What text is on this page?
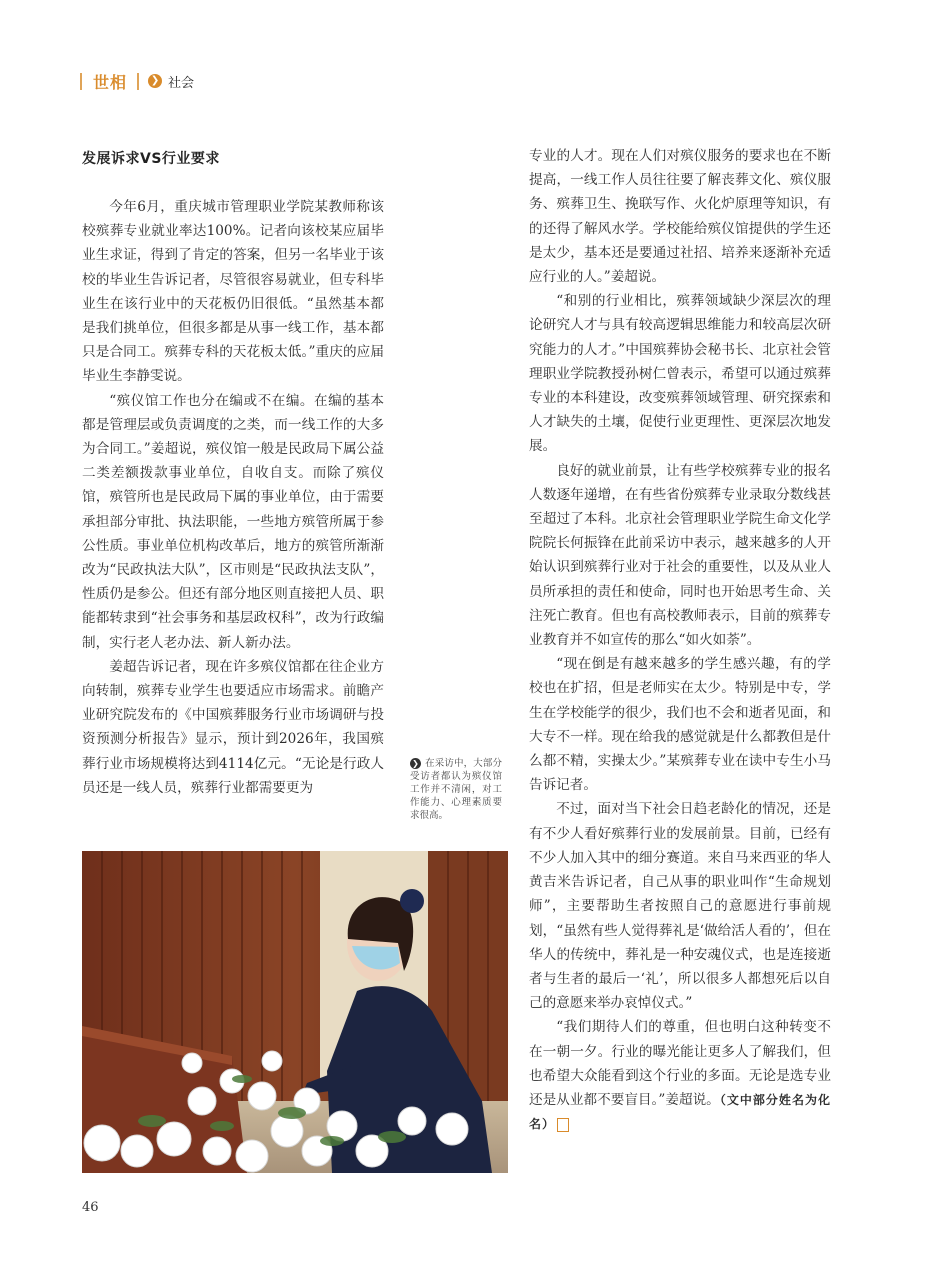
世相 ❯ 社会
发展诉求VS行业要求

今年6月，重庆城市管理职业学院某教师称该校殡葬专业就业率达100%。记者向该校某应届毕业生求证，得到了肯定的答案，但另一名毕业于该校的毕业生告诉记者，尽管很容易就业，但专科毕业生在该行业中的天花板仍旧很低。“虽然基本都是我们挑单位，但很多都是从事一线工作，基本都只是合同工。殡葬专科的天花板太低。”重庆的应届毕业生李静雯说。

“殡仪馆工作也分在编或不在编。在编的基本都是管理层或负责调度的之类，而一线工作的大多为合同工。”姜超说，殡仪馆一般是民政局下属公益二类差额拨款事业单位，自收自支。而除了殡仪馆，殡管所也是民政局下属的事业单位，由于需要承担部分审批、执法职能，一些地方殡管所属于参公性质。事业单位机构改革后，地方的殡管所渐渐改为“民政执法大队”，区市则是“民政执法支队”，性质仍是参公。但还有部分地区则直接把人员、职能都转隶到“社会事务和基层政权科”，改为行政编制，实行老人老办法、新人新办法。

姜超告诉记者，现在许多殡仪馆都在往企业方向转制，殡葬专业学生也要适应市场需求。前瞻产业研究院发布的《中国殡葬服务行业市场调研与投资预测分析报告》显示，预计到2026年，我国殡葬行业市场规模将达到4114亿元。“无论是行政人员还是一线人员，殡葬行业都需要更为

❯ 在采访中，大部分受访者都认为殡仪馆工作并不清闲，对工作能力、心理素质要求很高。

专业的人才。现在人们对殡仪服务的要求也在不断提高，一线工作人员往往要了解丧葬文化、殡仪服务、殡葬卫生、挽联写作、火化炉原理等知识，有的还得了解风水学。学校能给殡仪馆提供的学生还是太少，基本还是要通过社招、培养来逐渐补充适应行业的人。”姜超说。

“和别的行业相比，殡葬领域缺少深层次的理论研究人才与具有较高逻辑思维能力和较高层次研究能力的人才。”中国殡葬协会秘书长、北京社会管理职业学院教授孙树仁曾表示，希望可以通过殡葬专业的本科建设，改变殡葬领域管理、研究探索和人才缺失的土壤，促使行业更理性、更深层次地发展。

良好的就业前景，让有些学校殡葬专业的报名人数逐年递增，在有些省份殡葬专业录取分数线甚至超过了本科。北京社会管理职业学院生命文化学院院长何振锋在此前采访中表示，越来越多的人开始认识到殡葬行业对于社会的重要性，以及从业人员所承担的责任和使命，同时也开始思考生命、关注死亡教育。但也有高校教师表示，目前的殡葬专业教育并不如宣传的那么“如火如荼”。

“现在倒是有越来越多的学生感兴趣，有的学校也在扩招，但是老师实在太少。特别是中专，学生在学校能学的很少，我们也不会和逝者见面，和大专不一样。现在给我的感觉就是什么都教但是什么都不精，实操太少。”某殡葬专业在读中专生小马告诉记者。

不过，面对当下社会日趋老龄化的情况，还是有不少人看好殡葬行业的发展前景。目前，已经有不少人加入其中的细分赛道。来自马来西亚的华人黄吉米告诉记者，自己从事的职业叫作“生命规划师”，主要帮助生者按照自己的意愿进行事前规划，“虽然有些人觉得葬礼是‘做给活人看的’，但在华人的传统中，葬礼是一种安魂仪式，也是连接逝者与生者的最后一‘礼’，所以很多人都想死后以自己的意愿来举办哀悼仪式。”

“我们期待人们的尊重，但也明白这种转变不在一朝一夕。行业的曝光能让更多人了解我们，但也希望大众能看到这个行业的多面。无论是选专业还是从业都不要盲目。”姜超说。（文中部分姓名为化名）

46
